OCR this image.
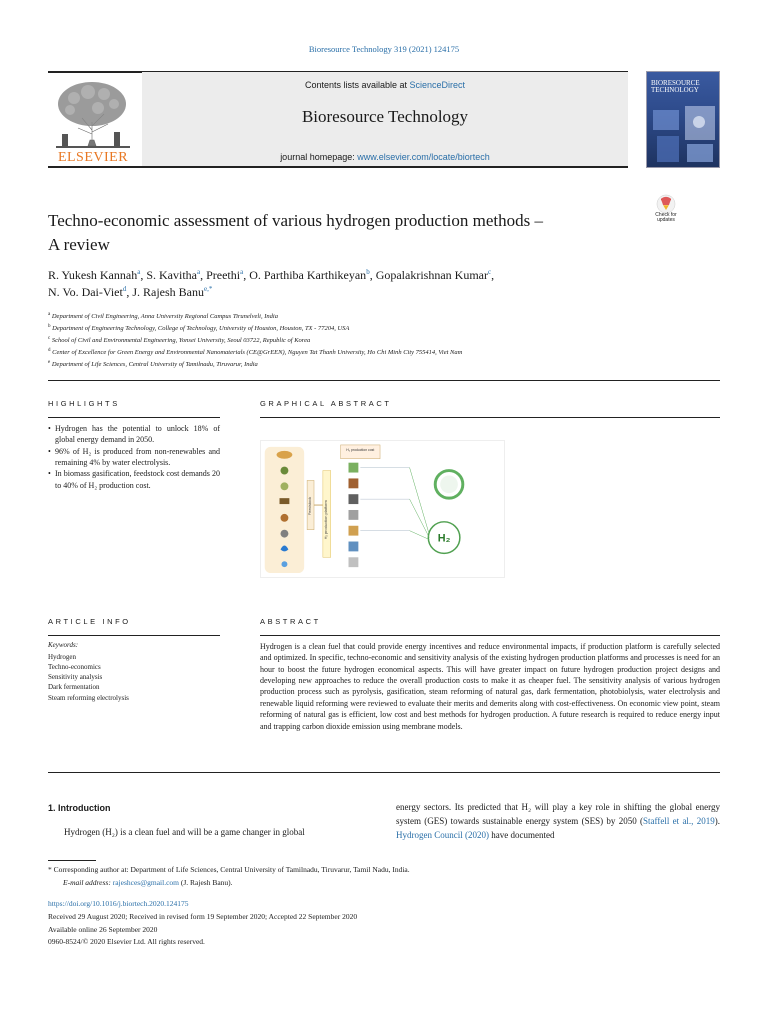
Bioresource Technology 319 (2021) 124175
ELSEVIER
Contents lists available at ScienceDirect
Bioresource Technology
journal homepage: www.elsevier.com/locate/biortech
BIORESOURCE TECHNOLOGY
Check for updates
Techno-economic assessment of various hydrogen production methods –
A review
R. Yukesh Kannah$^a$, S. Kavitha$^a$, Preethi$^a$, O. Parthiba Karthikeyan$^b$, Gopalakrishnan Kumar$^c$,
N. Vo. Dai-Viet$^d$, J. Rajesh Banu$^{e,*}$
$^a$ Department of Civil Engineering, Anna University Regional Campus Tirunelveli, India
$^b$ Department of Engineering Technology, College of Technology, University of Houston, Houston, TX - 77204, USA
$^c$ School of Civil and Environmental Engineering, Yonsei University, Seoul 03722, Republic of Korea
$^d$ Center of Excellence for Green Energy and Environmental Nanomaterials (CE@GrEEN), Nguyen Tat Thanh University, Ho Chi Minh City 755414, Viet Nam
$^e$ Department of Life Sciences, Central University of Tamilnadu, Tiruvarur, India
HIGHLIGHTS
• Hydrogen has the potential to unlock 18% of global energy demand in 2050.
• 96% of H₂ is produced from non-renewables and remaining 4% by water electrolysis.
• In biomass gasification, feedstock cost demands 20 to 40% of H₂ production cost.
GRAPHICAL ABSTRACT
Feedstock	H₂ production platform
H₂ production cost
H₂
ARTICLE INFO
Keywords:
Hydrogen
Techno-economics
Sensitivity analysis
Dark fermentation
Steam reforming electrolysis
ABSTRACT
Hydrogen is a clean fuel that could provide energy incentives and reduce environmental impacts, if production platform is carefully selected and optimized. In specific, techno-economic and sensitivity analysis of the existing hydrogen production platforms and processes is need for an hour to boost the future hydrogen economical aspects. This will have greater impact on future hydrogen production project designs and developing new approaches to reduce the overall production costs to make it as cheaper fuel. The sensitivity analysis of various hydrogen production process such as pyrolysis, gasification, steam reforming of natural gas, dark fermentation, photobiolysis, water electrolysis and renewable liquid reforming were reviewed to evaluate their merits and demerits along with cost-effectiveness. On economic view point, steam reforming of natural gas is efficient, low cost and best methods for hydrogen production. A future research is required to reduce energy input and trapping carbon dioxide emission using membrane models.
1. Introduction
Hydrogen (H₂) is a clean fuel and will be a game changer in global
energy sectors. Its predicted that H₂ will play a key role in shifting the global energy system (GES) towards sustainable energy system (SES) by 2050 (Staffell et al., 2019). Hydrogen Council (2020) have documented
* Corresponding author at: Department of Life Sciences, Central University of Tamilnadu, Tiruvarur, Tamil Nadu, India.
E-mail address: rajeshces@gmail.com (J. Rajesh Banu).
https://doi.org/10.1016/j.biortech.2020.124175
Received 29 August 2020; Received in revised form 19 September 2020; Accepted 22 September 2020
Available online 26 September 2020
0960-8524/© 2020 Elsevier Ltd. All rights reserved.
